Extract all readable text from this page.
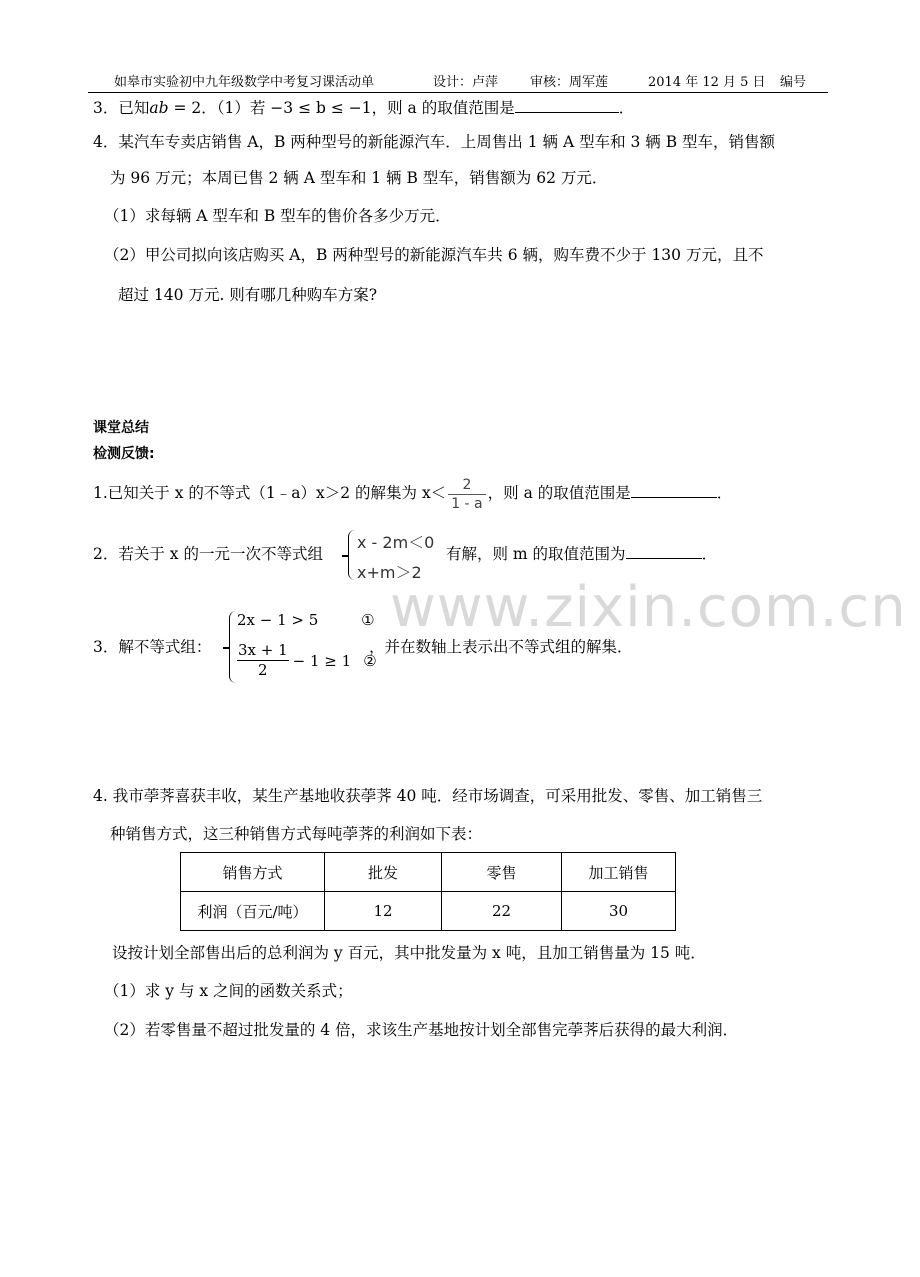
如皋市实验初中九年级数学中考复习课活动单	设计：卢萍 审核：周军莲	2014 年 12 月 5 日 编号
3．已知ab = 2．（1）若 −3 ≤ b ≤ −1，则 a 的取值范围是	．
4．某汽车专卖店销售 A，B 两种型号的新能源汽车．上周售出 1 辆 A 型车和 3 辆 B 型车，销售额
为 96 万元；本周已售 2 辆 A 型车和 1 辆 B 型车，销售额为 62 万元．
（1）求每辆 A 型车和 B 型车的售价各多少万元．
（2）甲公司拟向该店购买 A，B 两种型号的新能源汽车共 6 辆，购车费不少于 130 万元，且不
超过 140 万元. 则有哪几种购车方案?
课堂总结
检测反馈:
1.已知关于 x 的不等式（1﹣a）x＞2 的解集为 $x< \frac{2}{1 - a}$ ，则 a 的取值范围是	．
2．若关于 x 的一元一次不等式组
x - 2m＜0
x+m＞2
有解，则 m 的取值范围为	．
www.zixin.com.cn
3．解不等式组：
2x − 1 > 5	①
$\frac{3x + 1}{2} - 1 \ge 1$ ②
，并在数轴上表示出不等式组的解集．
4. 我市荸荠喜获丰收，某生产基地收获荸荠 40 吨．经市场调查，可采用批发、零售、加工销售三
种销售方式，这三种销售方式每吨荸荠的利润如下表：
销售方式	批发	零售	加工销售
利润（百元/吨）	12	22	30
设按计划全部售出后的总利润为 y 百元，其中批发量为 x 吨，且加工销售量为 15 吨．
（1）求 y 与 x 之间的函数关系式；
（2）若零售量不超过批发量的 4 倍，求该生产基地按计划全部售完荸荠后获得的最大利润．
